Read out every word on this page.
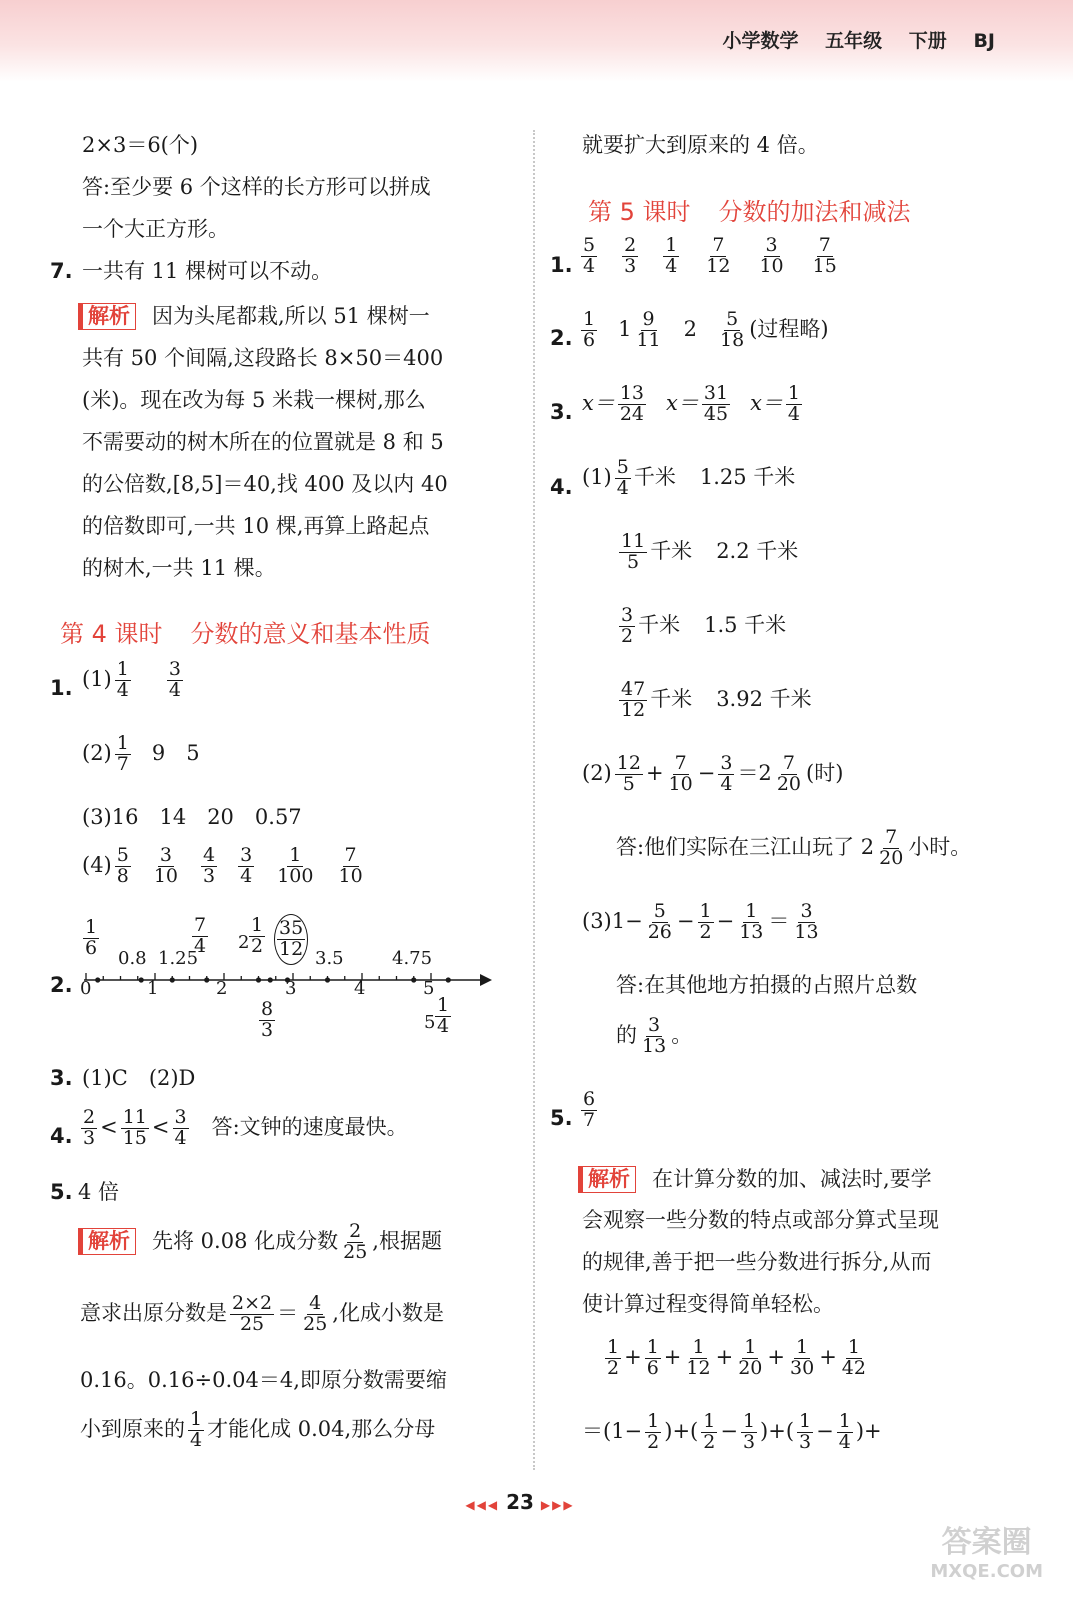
小学数学 五年级 下册 BJ
2×3＝6(个)
答:至少要 6 个这样的长方形可以拼成
一个大正方形。
7. 一共有 11 棵树可以不动。
解析 因为头尾都栽,所以 51 棵树一
共有 50 个间隔,这段路长 8×50＝400
(米)。现在改为每 5 米栽一棵树,那么
不需要动的树木所在的位置就是 8 和 5
的公倍数,[8,5]＝40,找 400 及以内 40
的倍数即可,一共 10 棵,再算上路起点
的树木,一共 11 棵。
第 4 课时 分数的意义和基本性质
1. $(1) \frac{1}{4} \frac{3}{4}$
$(2) \frac{1}{7} 9$　5
(3)16　14　20　0.57
$(4) \frac{5}{8} \frac{3}{10} \frac{4}{3} \frac{3}{4} \frac{1}{100} \frac{7}{10}$
2. 0	1	2	3	4	5
$\frac{1}{6} 0.8$ 1.25
$\frac{7}{4} 2 \frac{1}{2} \frac{35}{12} 3.5$	4.75
$\frac{8}{3}$	$5 \frac{1}{4}$
3. (1)C　(2)D
4. $\frac{2}{3} < \frac{11}{15} < \frac{3}{4}$ 答:文钟的速度最快。
5. 4 倍
解析 先将 0.08 化成分数 $\frac{2}{25}$ ,根据题
意求出原分数是 $\frac{2\times 2}{25} = \frac{4}{25}$ ,化成小数是
0.16。0.16÷0.04＝4,即原分数需要缩
小到原来的 $\frac{1}{4}$ 才能化成 0.04,那么分母
就要扩大到原来的 4 倍。
第 5 课时 分数的加法和减法
1. $\frac{5}{4} \frac{2}{3} \frac{1}{4} \frac{7}{12} \frac{3}{10} \frac{7}{15}$
2. $\frac{1}{6} 1 \frac{9}{11} 2 \frac{5}{18}$ (过程略)
3. $x= \frac{13}{24} x= \frac{31}{45} x= \frac{1}{4}$
4. $(1) \frac{5}{4}$ 千米 1.25 千米
$\frac{11}{5}$ 千米 2.2 千米
$\frac{3}{2}$ 千米 1.5 千米
$\frac{47}{12}$ 千米 3.92 千米
$(2) \frac{12}{5} + \frac{7}{10} - \frac{3}{4} =2 \frac{7}{20}$ (时)
答:他们实际在三江山玩了 $2 \frac{7}{20}$ 小时。
$(3)1- \frac{5}{26} - \frac{1}{2} - \frac{1}{13} = \frac{3}{13}$
答:在其他地方拍摄的占照片总数
的 $\frac{3}{13}$ 。
5. $\frac{6}{7}$
解析 在计算分数的加、减法时,要学
会观察一些分数的特点或部分算式呈现
的规律,善于把一些分数进行拆分,从而
使计算过程变得简单轻松。
$\frac{1}{2} + \frac{1}{6} + \frac{1}{12} + \frac{1}{20} + \frac{1}{30} + \frac{1}{42}$
$=(1- \frac{1}{2}$ )+( $\frac{1}{2} - \frac{1}{3}$ )+( $\frac{1}{3} - \frac{1}{4}$ )+
◀◀◀ 23 ▶▶▶
答案圈
MXQE.COM
